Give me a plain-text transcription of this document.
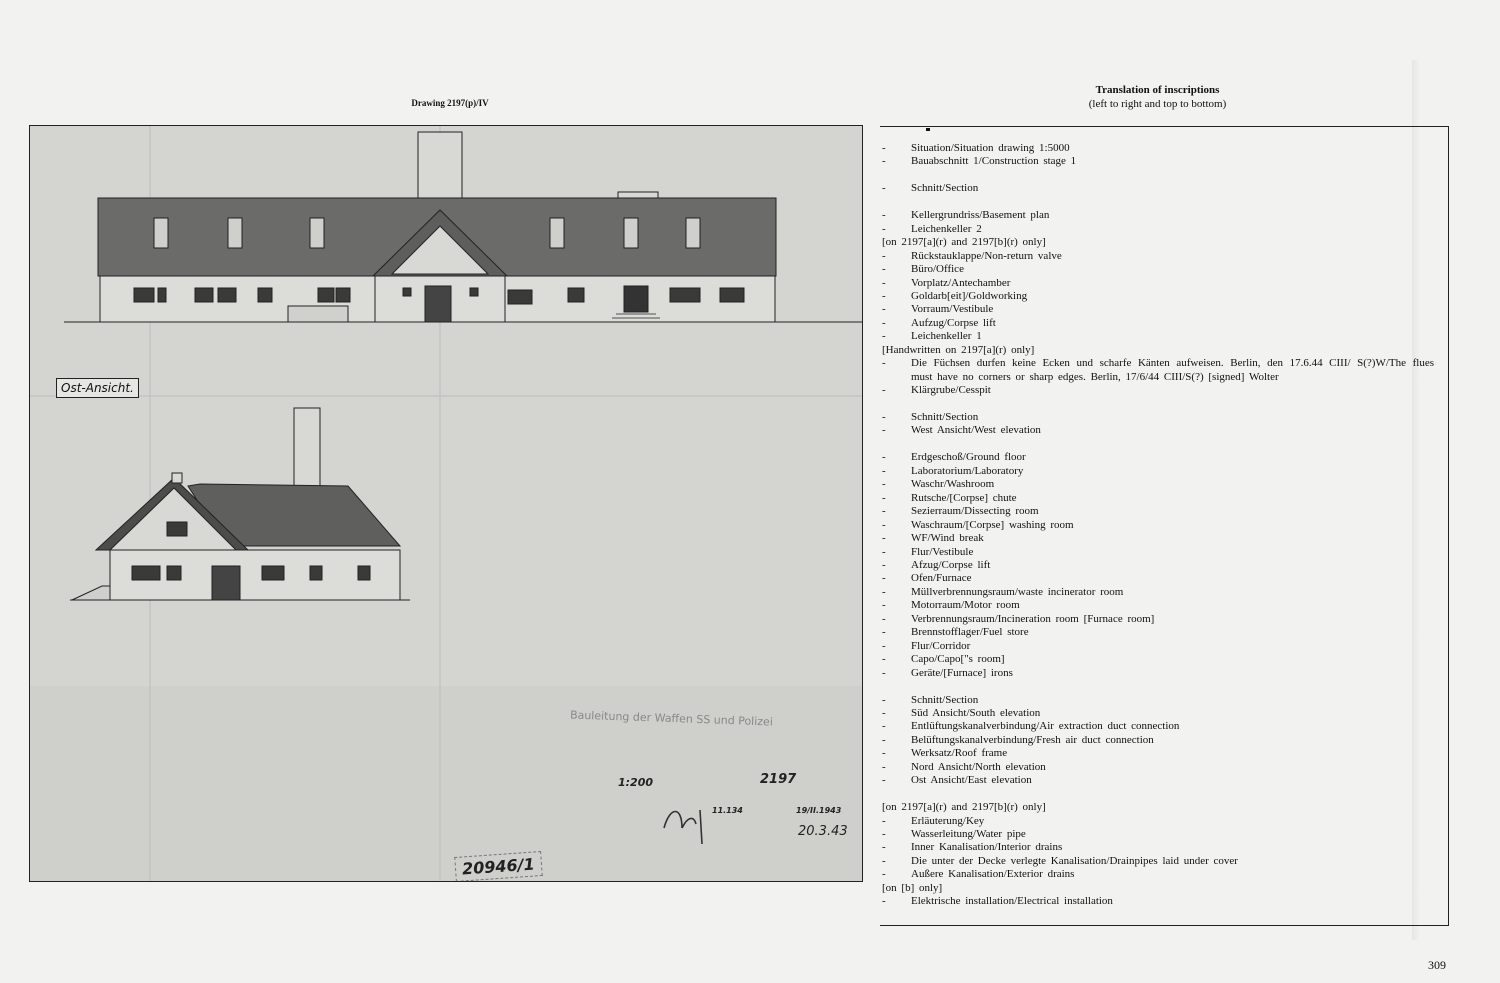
Drawing 2197(p)/IV
Ost-Ansicht.
Bauleitung der Waffen SS und Polizei
1:200	2197
11.134	19/II.1943
20.3.43
20946/1
Translation of inscriptions
(left to right and top to bottom)
- Situation/Situation drawing 1:5000
- Bauabschnitt 1/Construction stage 1
- Schnitt/Section
- Kellergrundriss/Basement plan
- Leichenkeller 2
[on 2197[a](r) and 2197[b](r) only]
- Rückstauklappe/Non-return valve
- Büro/Office
- Vorplatz/Antechamber
- Goldarb[eit]/Goldworking
- Vorraum/Vestibule
- Aufzug/Corpse lift
- Leichenkeller 1
[Handwritten on 2197[a](r) only]
- Die Füchsen durfen keine Ecken und scharfe Känten aufweisen. Berlin, den 17.6.44 CIII/ S(?)W/The flues must have no corners or sharp edges. Berlin, 17/6/44 CIII/S(?) [signed] Wolter
- Klärgrube/Cesspit
- Schnitt/Section
- West Ansicht/West elevation
- Erdgeschoß/Ground floor
- Laboratorium/Laboratory
- Waschr/Washroom
- Rutsche/[Corpse] chute
- Sezierraum/Dissecting room
- Waschraum/[Corpse] washing room
- WF/Wind break
- Flur/Vestibule
- Afzug/Corpse lift
- Ofen/Furnace
- Müllverbrennungsraum/waste incinerator room
- Motorraum/Motor room
- Verbrennungsraum/Incineration room [Furnace room]
- Brennstofflager/Fuel store
- Flur/Corridor
- Capo/Capo["s room]
- Geräte/[Furnace] irons
- Schnitt/Section
- Süd Ansicht/South elevation
- Entlüftungskanalverbindung/Air extraction duct connection
- Belüftungskanalverbindung/Fresh air duct connection
- Werksatz/Roof frame
- Nord Ansicht/North elevation
- Ost Ansicht/East elevation
[on 2197[a](r) and 2197[b](r) only]
- Erläuterung/Key
- Wasserleitung/Water pipe
- Inner Kanalisation/Interior drains
- Die unter der Decke verlegte Kanalisation/Drainpipes laid under cover
- Außere Kanalisation/Exterior drains
[on [b] only]
- Elektrische installation/Electrical installation
309
